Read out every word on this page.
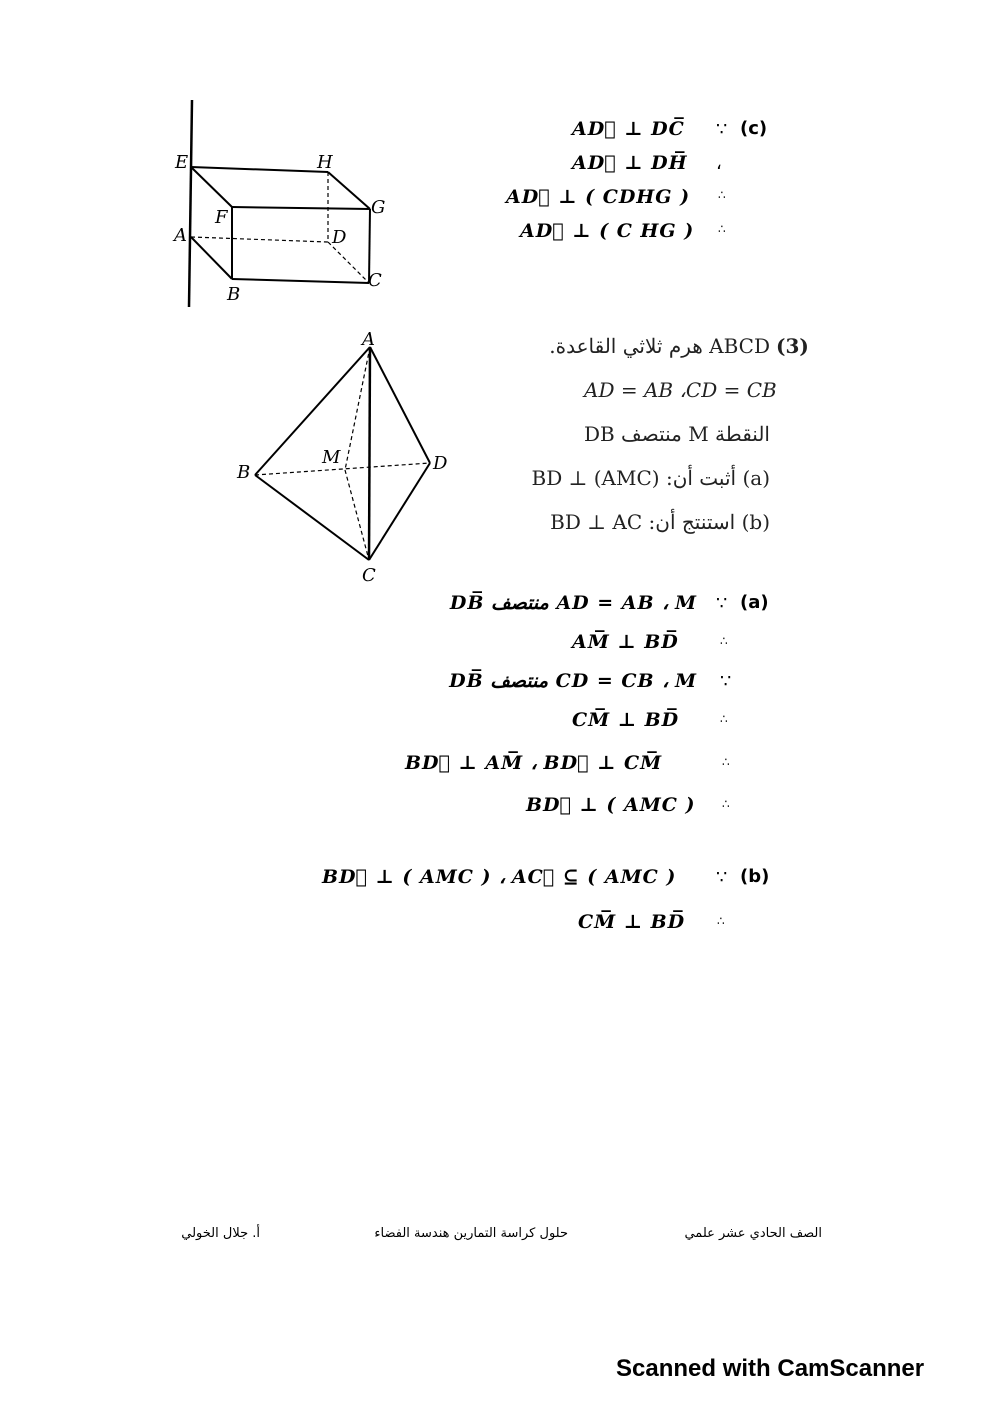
E	H
F	G
A	D
B
C
(c)
∵
AD⃡ ⊥ DC̅
،
AD⃡ ⊥ DH̅
∴
AD⃡ ⊥ ( CDHG )
∴
AD⃡ ⊥ ( C HG )
A
B
M	D
C
(3)
ABCD هرم ثلاثي القاعدة.
AD = AB ،CD = CB
النقطة M منتصف DB
(a) أثبت أن: BD ⊥ (AMC)
(b) استنتج أن: BD ⊥ AC
(a)
∵
AD = AB ، M منتصف DB̅
∴
AM̅ ⊥ BD̅
∵
CD = CB ، M منتصف DB̅
∴
CM̅ ⊥ BD̅
∴
BD⃡ ⊥ AM̅ ، BD⃡ ⊥ CM̅
∴
BD⃡ ⊥ ( AMC )
(b)
∵
BD⃡ ⊥ ( AMC ) ، AC⃡ ⊆ ( AMC )
∴
CM̅ ⊥ BD̅
الصف الحادي عشر علمي
حلول كراسة التمارين هندسة الفضاء
أ. جلال الخولي
Scanned with CamScanner
